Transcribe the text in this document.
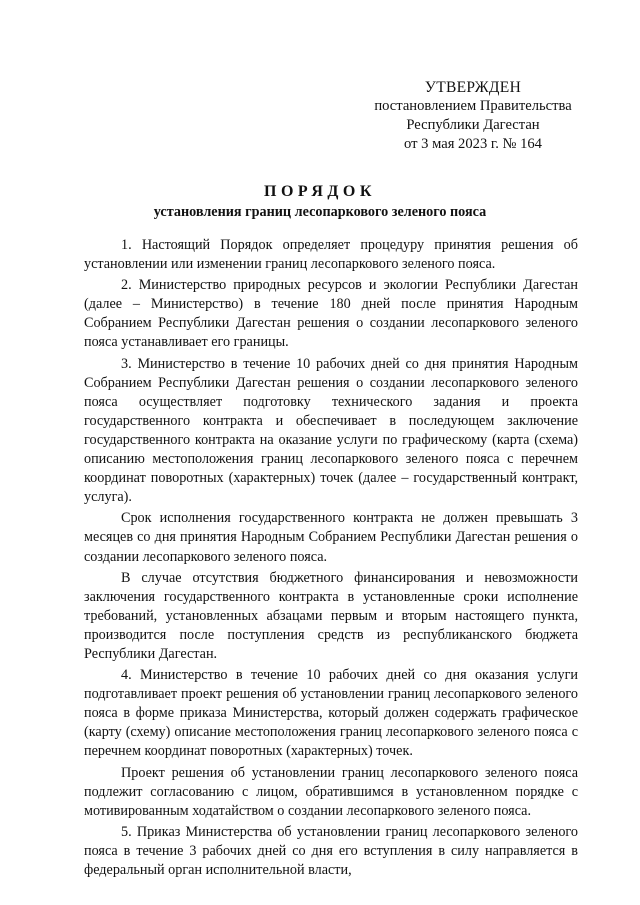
УТВЕРЖДЕН
постановлением Правительства
Республики Дагестан
от 3 мая 2023 г. № 164
ПОРЯДОК
установления границ лесопаркового зеленого пояса

1. Настоящий Порядок определяет процедуру принятия решения об установлении или изменении границ лесопаркового зеленого пояса.

2. Министерство природных ресурсов и экологии Республики Дагестан (далее – Министерство) в течение 180 дней после принятия Народным Собранием Республики Дагестан решения о создании лесопаркового зеленого пояса устанавливает его границы.

3. Министерство в течение 10 рабочих дней со дня принятия Народным Собранием Республики Дагестан решения о создании лесопаркового зеленого пояса осуществляет подготовку технического задания и проекта государственного контракта и обеспечивает в последующем заключение государственного контракта на оказание услуги по графическому (карта (схема) описанию местоположения границ лесопаркового зеленого пояса с перечнем координат поворотных (характерных) точек (далее – государственный контракт, услуга).

Срок исполнения государственного контракта не должен превышать 3 месяцев со дня принятия Народным Собранием Республики Дагестан решения о создании лесопаркового зеленого пояса.

В случае отсутствия бюджетного финансирования и невозможности заключения государственного контракта в установленные сроки исполнение требований, установленных абзацами первым и вторым настоящего пункта, производится после поступления средств из республиканского бюджета Республики Дагестан.

4. Министерство в течение 10 рабочих дней со дня оказания услуги подготавливает проект решения об установлении границ лесопаркового зеленого пояса в форме приказа Министерства, который должен содержать графическое (карту (схему) описание местоположения границ лесопаркового зеленого пояса с перечнем координат поворотных (характерных) точек.

Проект решения об установлении границ лесопаркового зеленого пояса подлежит согласованию с лицом, обратившимся в установленном порядке с мотивированным ходатайством о создании лесопаркового зеленого пояса.

5. Приказ Министерства об установлении границ лесопаркового зеленого пояса в течение 3 рабочих дней со дня его вступления в силу направляется в федеральный орган исполнительной власти,
